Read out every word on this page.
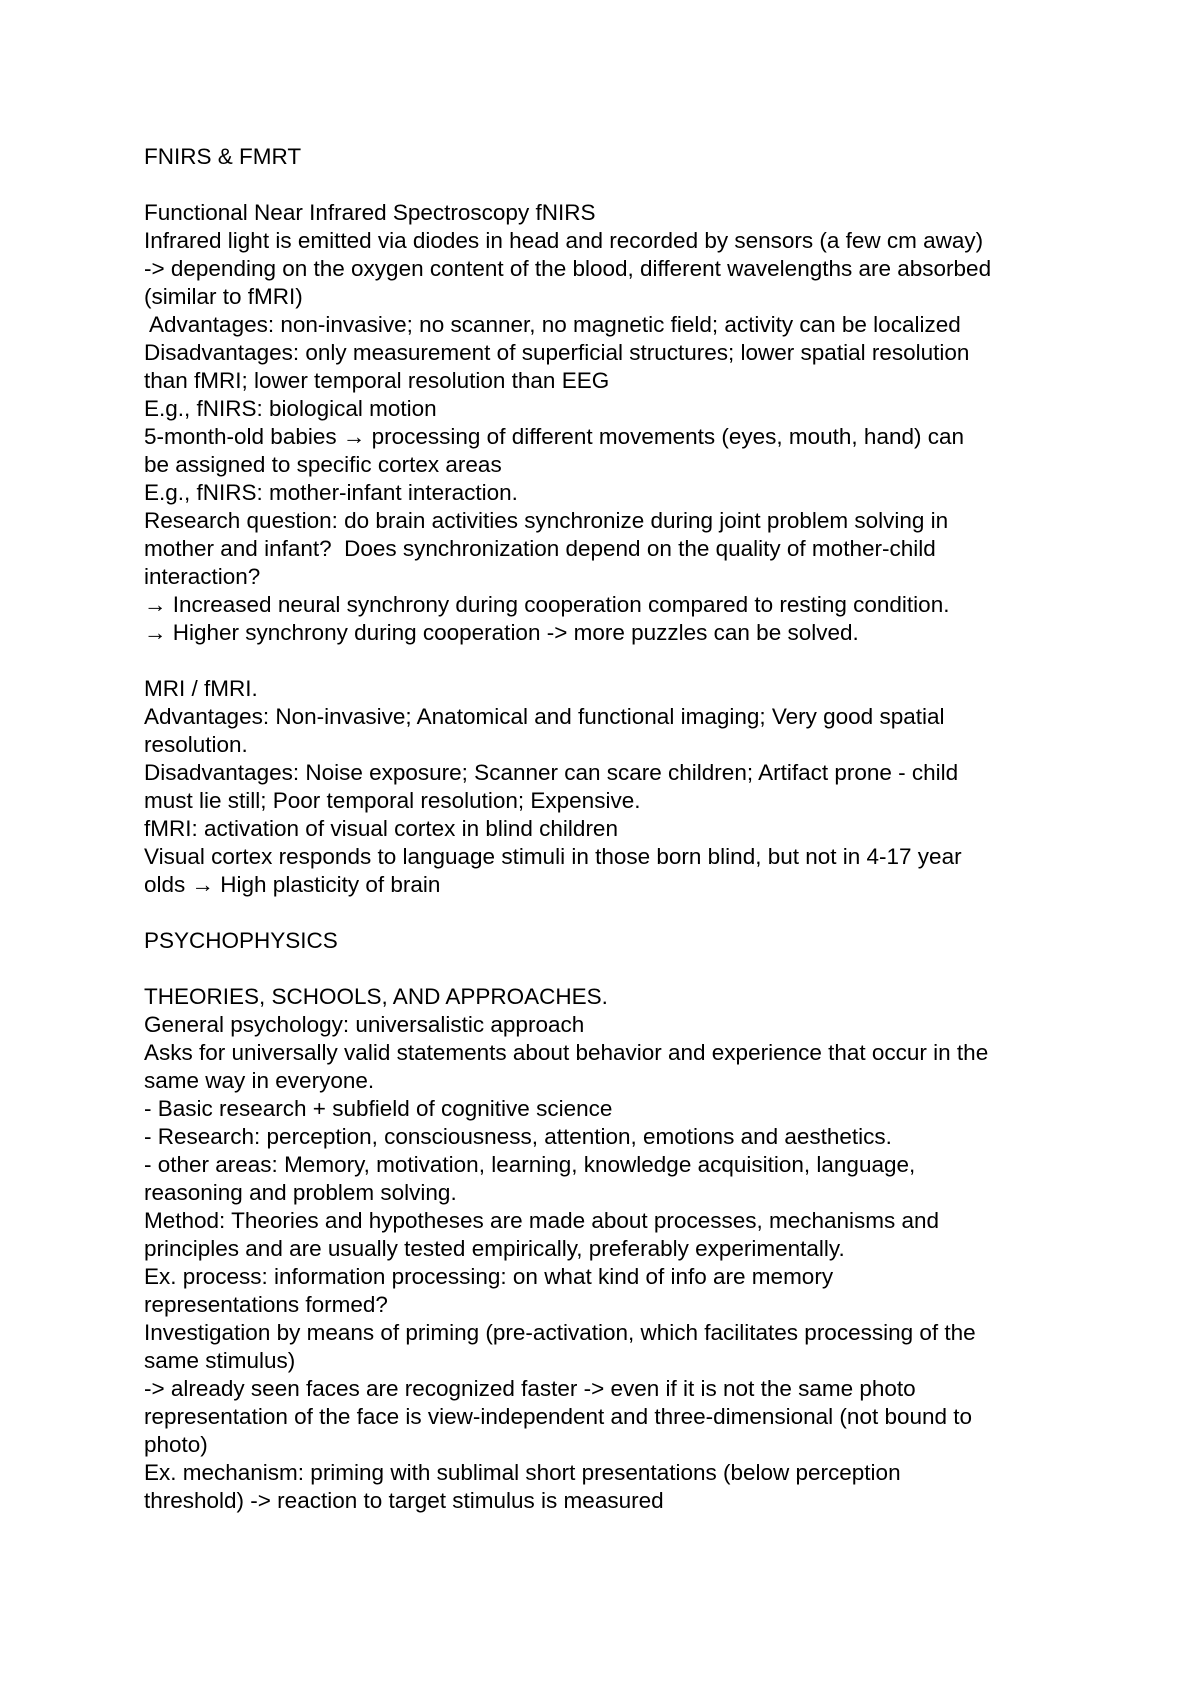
FNIRS & FMRT
Functional Near Infrared Spectroscopy fNIRS
Infrared light is emitted via diodes in head and recorded by sensors (a few cm away)
-> depending on the oxygen content of the blood, different wavelengths are absorbed
(similar to fMRI)
Advantages: non-invasive; no scanner, no magnetic field; activity can be localized
Disadvantages: only measurement of superficial structures; lower spatial resolution
than fMRI; lower temporal resolution than EEG
E.g., fNIRS: biological motion
5-month-old babies → processing of different movements (eyes, mouth, hand) can
be assigned to specific cortex areas
E.g., fNIRS: mother-infant interaction.
Research question: do brain activities synchronize during joint problem solving in
mother and infant?  Does synchronization depend on the quality of mother-child
interaction?
→ Increased neural synchrony during cooperation compared to resting condition.
→ Higher synchrony during cooperation -> more puzzles can be solved.
MRI / fMRI.
Advantages: Non-invasive; Anatomical and functional imaging; Very good spatial
resolution.
Disadvantages: Noise exposure; Scanner can scare children; Artifact prone - child
must lie still; Poor temporal resolution; Expensive.
fMRI: activation of visual cortex in blind children
Visual cortex responds to language stimuli in those born blind, but not in 4-17 year
olds → High plasticity of brain
PSYCHOPHYSICS
THEORIES, SCHOOLS, AND APPROACHES.
General psychology: universalistic approach
Asks for universally valid statements about behavior and experience that occur in the
same way in everyone.
- Basic research + subfield of cognitive science
- Research: perception, consciousness, attention, emotions and aesthetics.
- other areas: Memory, motivation, learning, knowledge acquisition, language,
reasoning and problem solving.
Method: Theories and hypotheses are made about processes, mechanisms and
principles and are usually tested empirically, preferably experimentally.
Ex. process: information processing: on what kind of info are memory
representations formed?
Investigation by means of priming (pre-activation, which facilitates processing of the
same stimulus)
-> already seen faces are recognized faster -> even if it is not the same photo
representation of the face is view-independent and three-dimensional (not bound to
photo)
Ex. mechanism: priming with sublimal short presentations (below perception
threshold) -> reaction to target stimulus is measured
